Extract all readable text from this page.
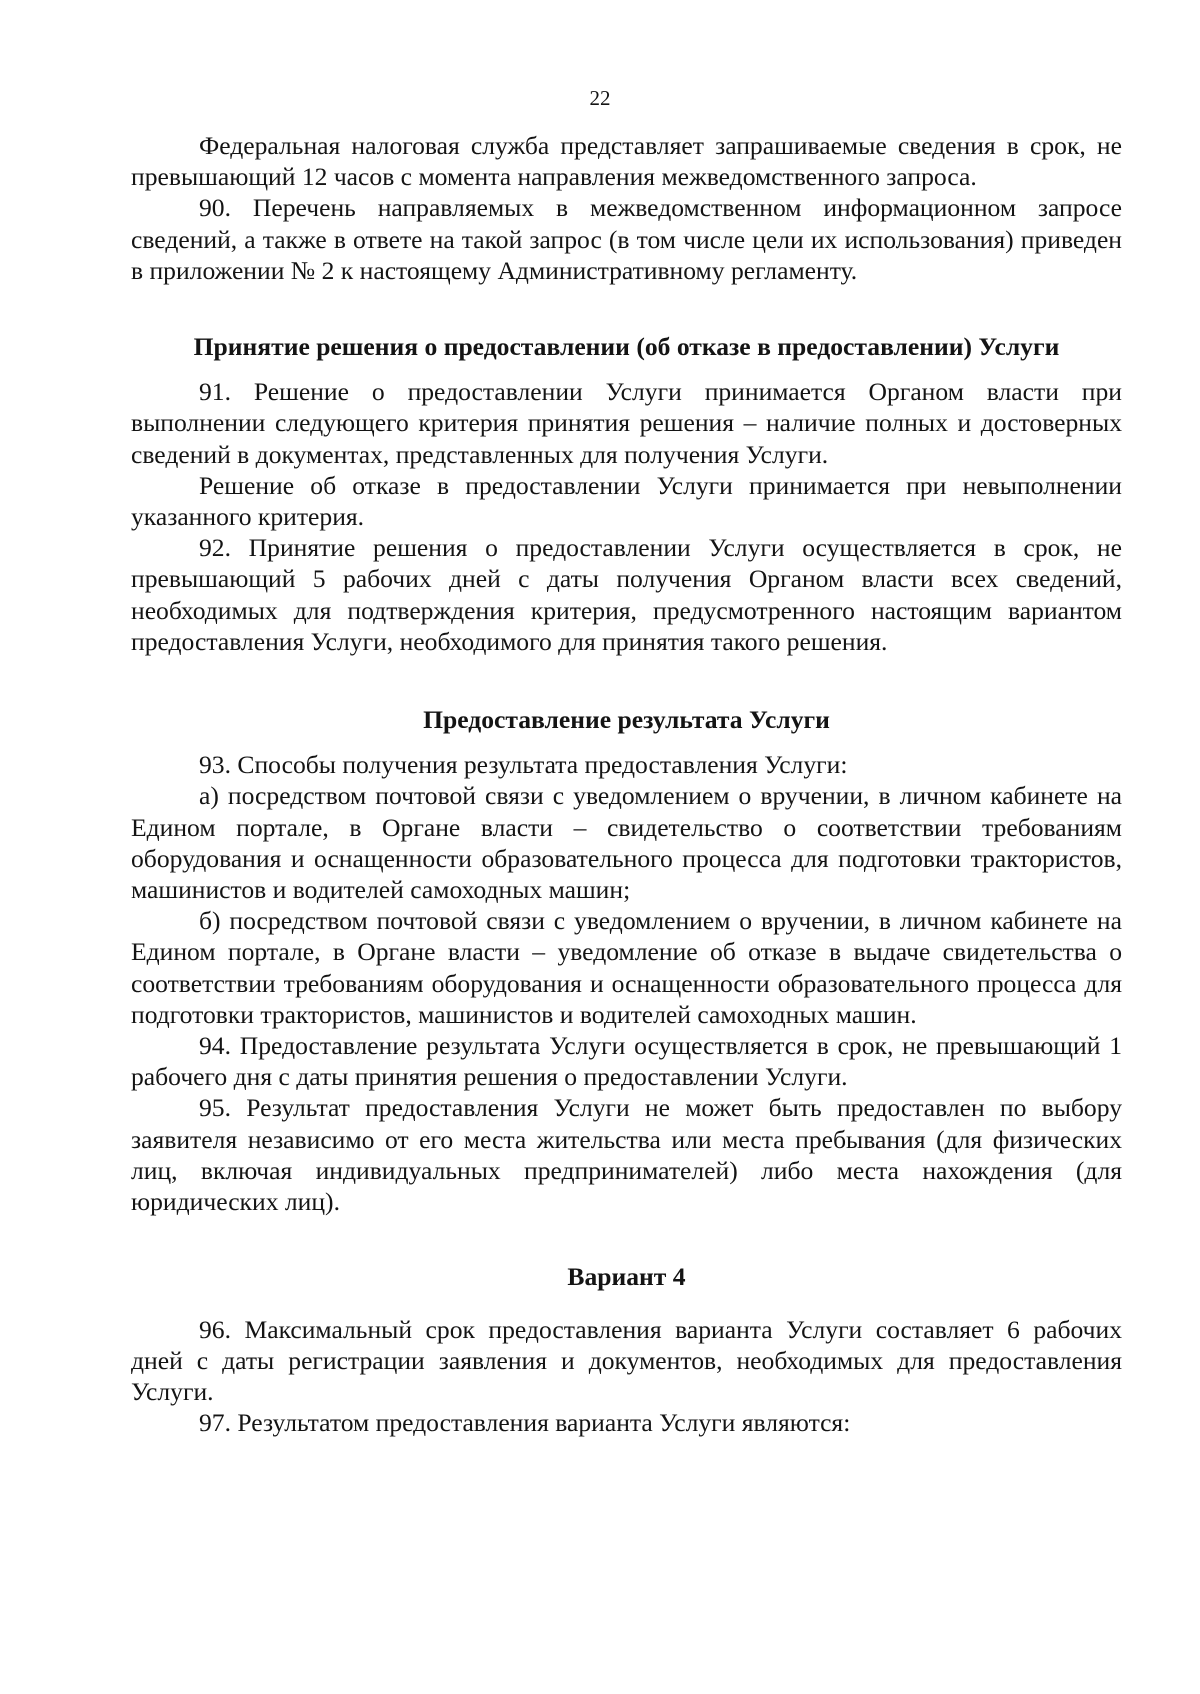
22

Федеральная налоговая служба представляет запрашиваемые сведения в срок, не превышающий 12 часов с момента направления межведомственного запроса.

90. Перечень направляемых в межведомственном информационном запросе сведений, а также в ответе на такой запрос (в том числе цели их использования) приведен в приложении № 2 к настоящему Административному регламенту.

Принятие решения о предоставлении (об отказе в предоставлении) Услуги

91. Решение о предоставлении Услуги принимается Органом власти при выполнении следующего критерия принятия решения – наличие полных и достоверных сведений в документах, представленных для получения Услуги.

Решение об отказе в предоставлении Услуги принимается при невыполнении указанного критерия.

92. Принятие решения о предоставлении Услуги осуществляется в срок, не превышающий 5 рабочих дней с даты получения Органом власти всех сведений, необходимых для подтверждения критерия, предусмотренного настоящим вариантом предоставления Услуги, необходимого для принятия такого решения.

Предоставление результата Услуги

93. Способы получения результата предоставления Услуги:

а) посредством почтовой связи с уведомлением о вручении, в личном кабинете на Едином портале, в Органе власти – свидетельство о соответствии требованиям оборудования и оснащенности образовательного процесса для подготовки трактористов, машинистов и водителей самоходных машин;

б) посредством почтовой связи с уведомлением о вручении, в личном кабинете на Едином портале, в Органе власти – уведомление об отказе в выдаче свидетельства о соответствии требованиям оборудования и оснащенности образовательного процесса для подготовки трактористов, машинистов и водителей самоходных машин.

94. Предоставление результата Услуги осуществляется в срок, не превышающий 1 рабочего дня с даты принятия решения о предоставлении Услуги.

95. Результат предоставления Услуги не может быть предоставлен по выбору заявителя независимо от его места жительства или места пребывания (для физических лиц, включая индивидуальных предпринимателей) либо места нахождения (для юридических лиц).

Вариант 4

96. Максимальный срок предоставления варианта Услуги составляет 6 рабочих дней с даты регистрации заявления и документов, необходимых для предоставления Услуги.

97. Результатом предоставления варианта Услуги являются:
